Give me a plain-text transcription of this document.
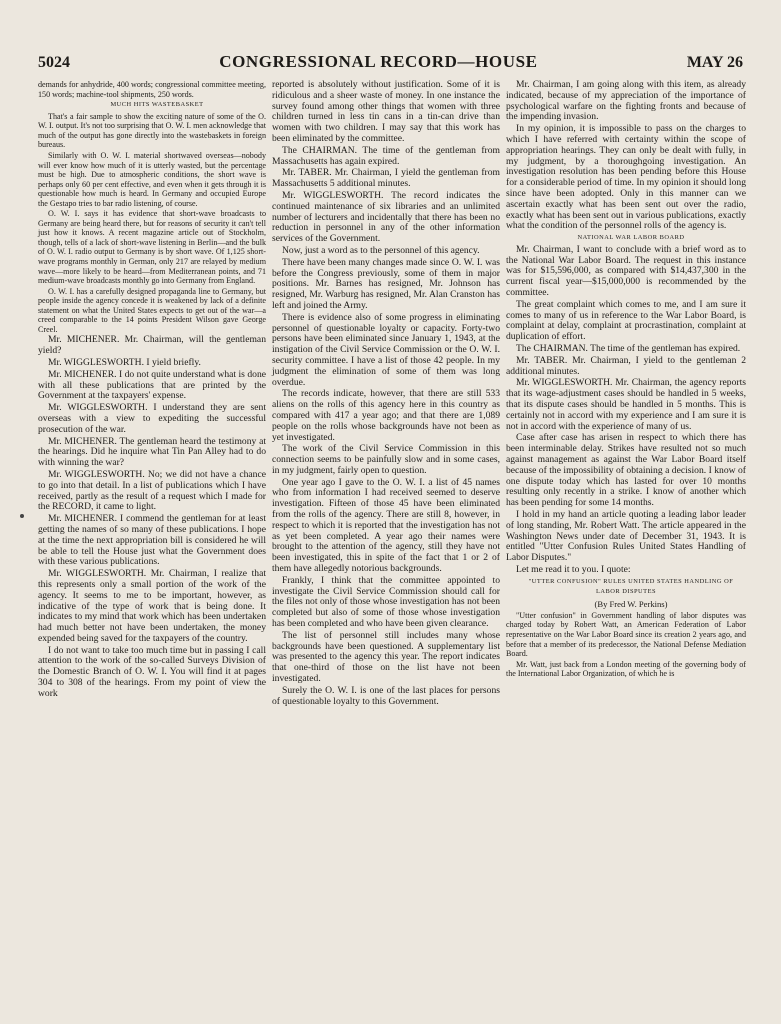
5024	CONGRESSIONAL RECORD—HOUSE	MAY 26

demands for anhydride, 400 words; congressional committee meeting, 150 words; machine-tool shipments, 250 words.

MUCH HITS WASTEBASKET

That's a fair sample to show the exciting nature of some of the O. W. I. output. It's not too surprising that O. W. I. men acknowledge that much of the output has gone directly into the wastebaskets in foreign bureaus.

Similarly with O. W. I. material shortwaved overseas—nobody will ever know how much of it is utterly wasted, but the percentage must be high. Due to atmospheric conditions, the short wave is perhaps only 60 per cent effective, and even when it gets through it is questionable how much is heard. In Germany and occupied Europe the Gestapo tries to bar radio listening, of course.

O. W. I. says it has evidence that short-wave broadcasts to Germany are being heard there, but for reasons of security it can't tell just how it knows. A recent magazine article out of Stockholm, though, tells of a lack of short-wave listening in Berlin—and the bulk of O. W. I. radio output to Germany is by short wave. Of 1,125 short-wave programs monthly in German, only 217 are relayed by medium wave—more likely to be heard—from Mediterranean points, and 71 medium-wave broadcasts monthly go into Germany from England.

O. W. I. has a carefully designed propaganda line to Germany, but people inside the agency concede it is weakened by lack of a definite statement on what the United States expects to get out of the war—a creed comparable to the 14 points President Wilson gave George Creel.

Mr. MICHENER. Mr. Chairman, will the gentleman yield?

Mr. WIGGLESWORTH. I yield briefly.

Mr. MICHENER. I do not quite understand what is done with all these publications that are printed by the Government at the taxpayers' expense.

Mr. WIGGLESWORTH. I understand they are sent overseas with a view to expediting the successful prosecution of the war.

Mr. MICHENER. The gentleman heard the testimony at the hearings. Did he inquire what Tin Pan Alley had to do with winning the war?

Mr. WIGGLESWORTH. No; we did not have a chance to go into that detail. In a list of publications which I have received, partly as the result of a request which I made for the RECORD, it came to light.

Mr. MICHENER. I commend the gentleman for at least getting the names of so many of these publications. I hope at the time the next appropriation bill is considered he will be able to tell the House just what the Government does with these various publications.

Mr. WIGGLESWORTH. Mr. Chairman, I realize that this represents only a small portion of the work of the agency. It seems to me to be important, however, as indicative of the type of work that is being done. It indicates to my mind that work which has been undertaken had much better not have been undertaken, the money expended being saved for the taxpayers of the country.

I do not want to take too much time but in passing I call attention to the work of the so-called Surveys Division of the Domestic Branch of O. W. I. You will find it at pages 304 to 308 of the hearings. From my point of view the work

reported is absolutely without justification. Some of it is ridiculous and a sheer waste of money. In one instance the survey found among other things that women with three children turned in less tin cans in a tin-can drive than women with two children. I may say that this work has been eliminated by the committee.

The CHAIRMAN. The time of the gentleman from Massachusetts has again expired.

Mr. TABER. Mr. Chairman, I yield the gentleman from Massachusetts 5 additional minutes.

Mr. WIGGLESWORTH. The record indicates the continued maintenance of six libraries and an unlimited number of lecturers and incidentally that there has been no reduction in personnel in any of the other information services of the Government.

Now, just a word as to the personnel of this agency.

There have been many changes made since O. W. I. was before the Congress previously, some of them in major positions. Mr. Barnes has resigned, Mr. Johnson has resigned, Mr. Warburg has resigned, Mr. Alan Cranston has left and joined the Army.

There is evidence also of some progress in eliminating personnel of questionable loyalty or capacity. Forty-two persons have been eliminated since January 1, 1943, at the instigation of the Civil Service Commission or the O. W. I. security committee. I have a list of those 42 people. In my judgment the elimination of some of them was long overdue.

The records indicate, however, that there are still 533 aliens on the rolls of this agency here in this country as compared with 417 a year ago; and that there are 1,089 people on the rolls whose backgrounds have not been as yet investigated.

The work of the Civil Service Commission in this connection seems to be painfully slow and in some cases, in my judgment, fairly open to question.

One year ago I gave to the O. W. I. a list of 45 names who from information I had received seemed to deserve investigation. Fifteen of those 45 have been eliminated from the rolls of the agency. There are still 8, however, in respect to which it is reported that the investigation has not as yet been completed. A year ago their names were brought to the attention of the agency, still they have not been investigated, this in spite of the fact that 1 or 2 of them have allegedly notorious backgrounds.

Frankly, I think that the committee appointed to investigate the Civil Service Commission should call for the files not only of those whose investigation has not been completed but also of some of those whose investigation has been completed and who have been given clearance.

The list of personnel still includes many whose backgrounds have been questioned. A supplementary list was presented to the agency this year. The report indicates that one-third of those on the list have not been investigated.

Surely the O. W. I. is one of the last places for persons of questionable loyalty to this Government.

Mr. Chairman, I am going along with this item, as already indicated, because of my appreciation of the importance of psychological warfare on the fighting fronts and because of the impending invasion.

In my opinion, it is impossible to pass on the charges to which I have referred with certainty within the scope of appropriation hearings. They can only be dealt with fully, in my judgment, by a thoroughgoing investigation. An investigation resolution has been pending before this House for a considerable period of time. In my opinion it should long since have been adopted. Only in this manner can we ascertain exactly what has been sent out over the radio, exactly what has been sent out in various publications, exactly what the condition of the personnel rolls of the agency is.

NATIONAL WAR LABOR BOARD

Mr. Chairman, I want to conclude with a brief word as to the National War Labor Board. The request in this instance was for $15,596,000, as compared with $14,437,300 in the current fiscal year—$15,000,000 is recommended by the committee.

The great complaint which comes to me, and I am sure it comes to many of us in reference to the War Labor Board, is complaint at delay, complaint at procrastination, complaint at duplication of effort.

The CHAIRMAN. The time of the gentleman has expired.

Mr. TABER. Mr. Chairman, I yield to the gentleman 2 additional minutes.

Mr. WIGGLESWORTH. Mr. Chairman, the agency reports that its wage-adjustment cases should be handled in 5 weeks, that its dispute cases should be handled in 5 months. This is certainly not in accord with my experience and I am sure it is not in accord with the experience of many of us.

Case after case has arisen in respect to which there has been interminable delay. Strikes have resulted not so much against management as against the War Labor Board itself because of the impossibility of obtaining a decision. I know of one dispute today which has lasted for over 10 months resulting only recently in a strike. I know of another which has been pending for some 14 months.

I hold in my hand an article quoting a leading labor leader of long standing, Mr. Robert Watt. The article appeared in the Washington News under date of December 31, 1943. It is entitled "Utter Confusion Rules United States Handling of Labor Disputes."

Let me read it to you. I quote:

"UTTER CONFUSION" RULES UNITED STATES HANDLING OF LABOR DISPUTES

(By Fred W. Perkins)

"Utter confusion" in Government handling of labor disputes was charged today by Robert Watt, an American Federation of Labor representative on the War Labor Board since its creation 2 years ago, and before that a member of its predecessor, the National Defense Mediation Board.

Mr. Watt, just back from a London meeting of the governing body of the International Labor Organization, of which he is
